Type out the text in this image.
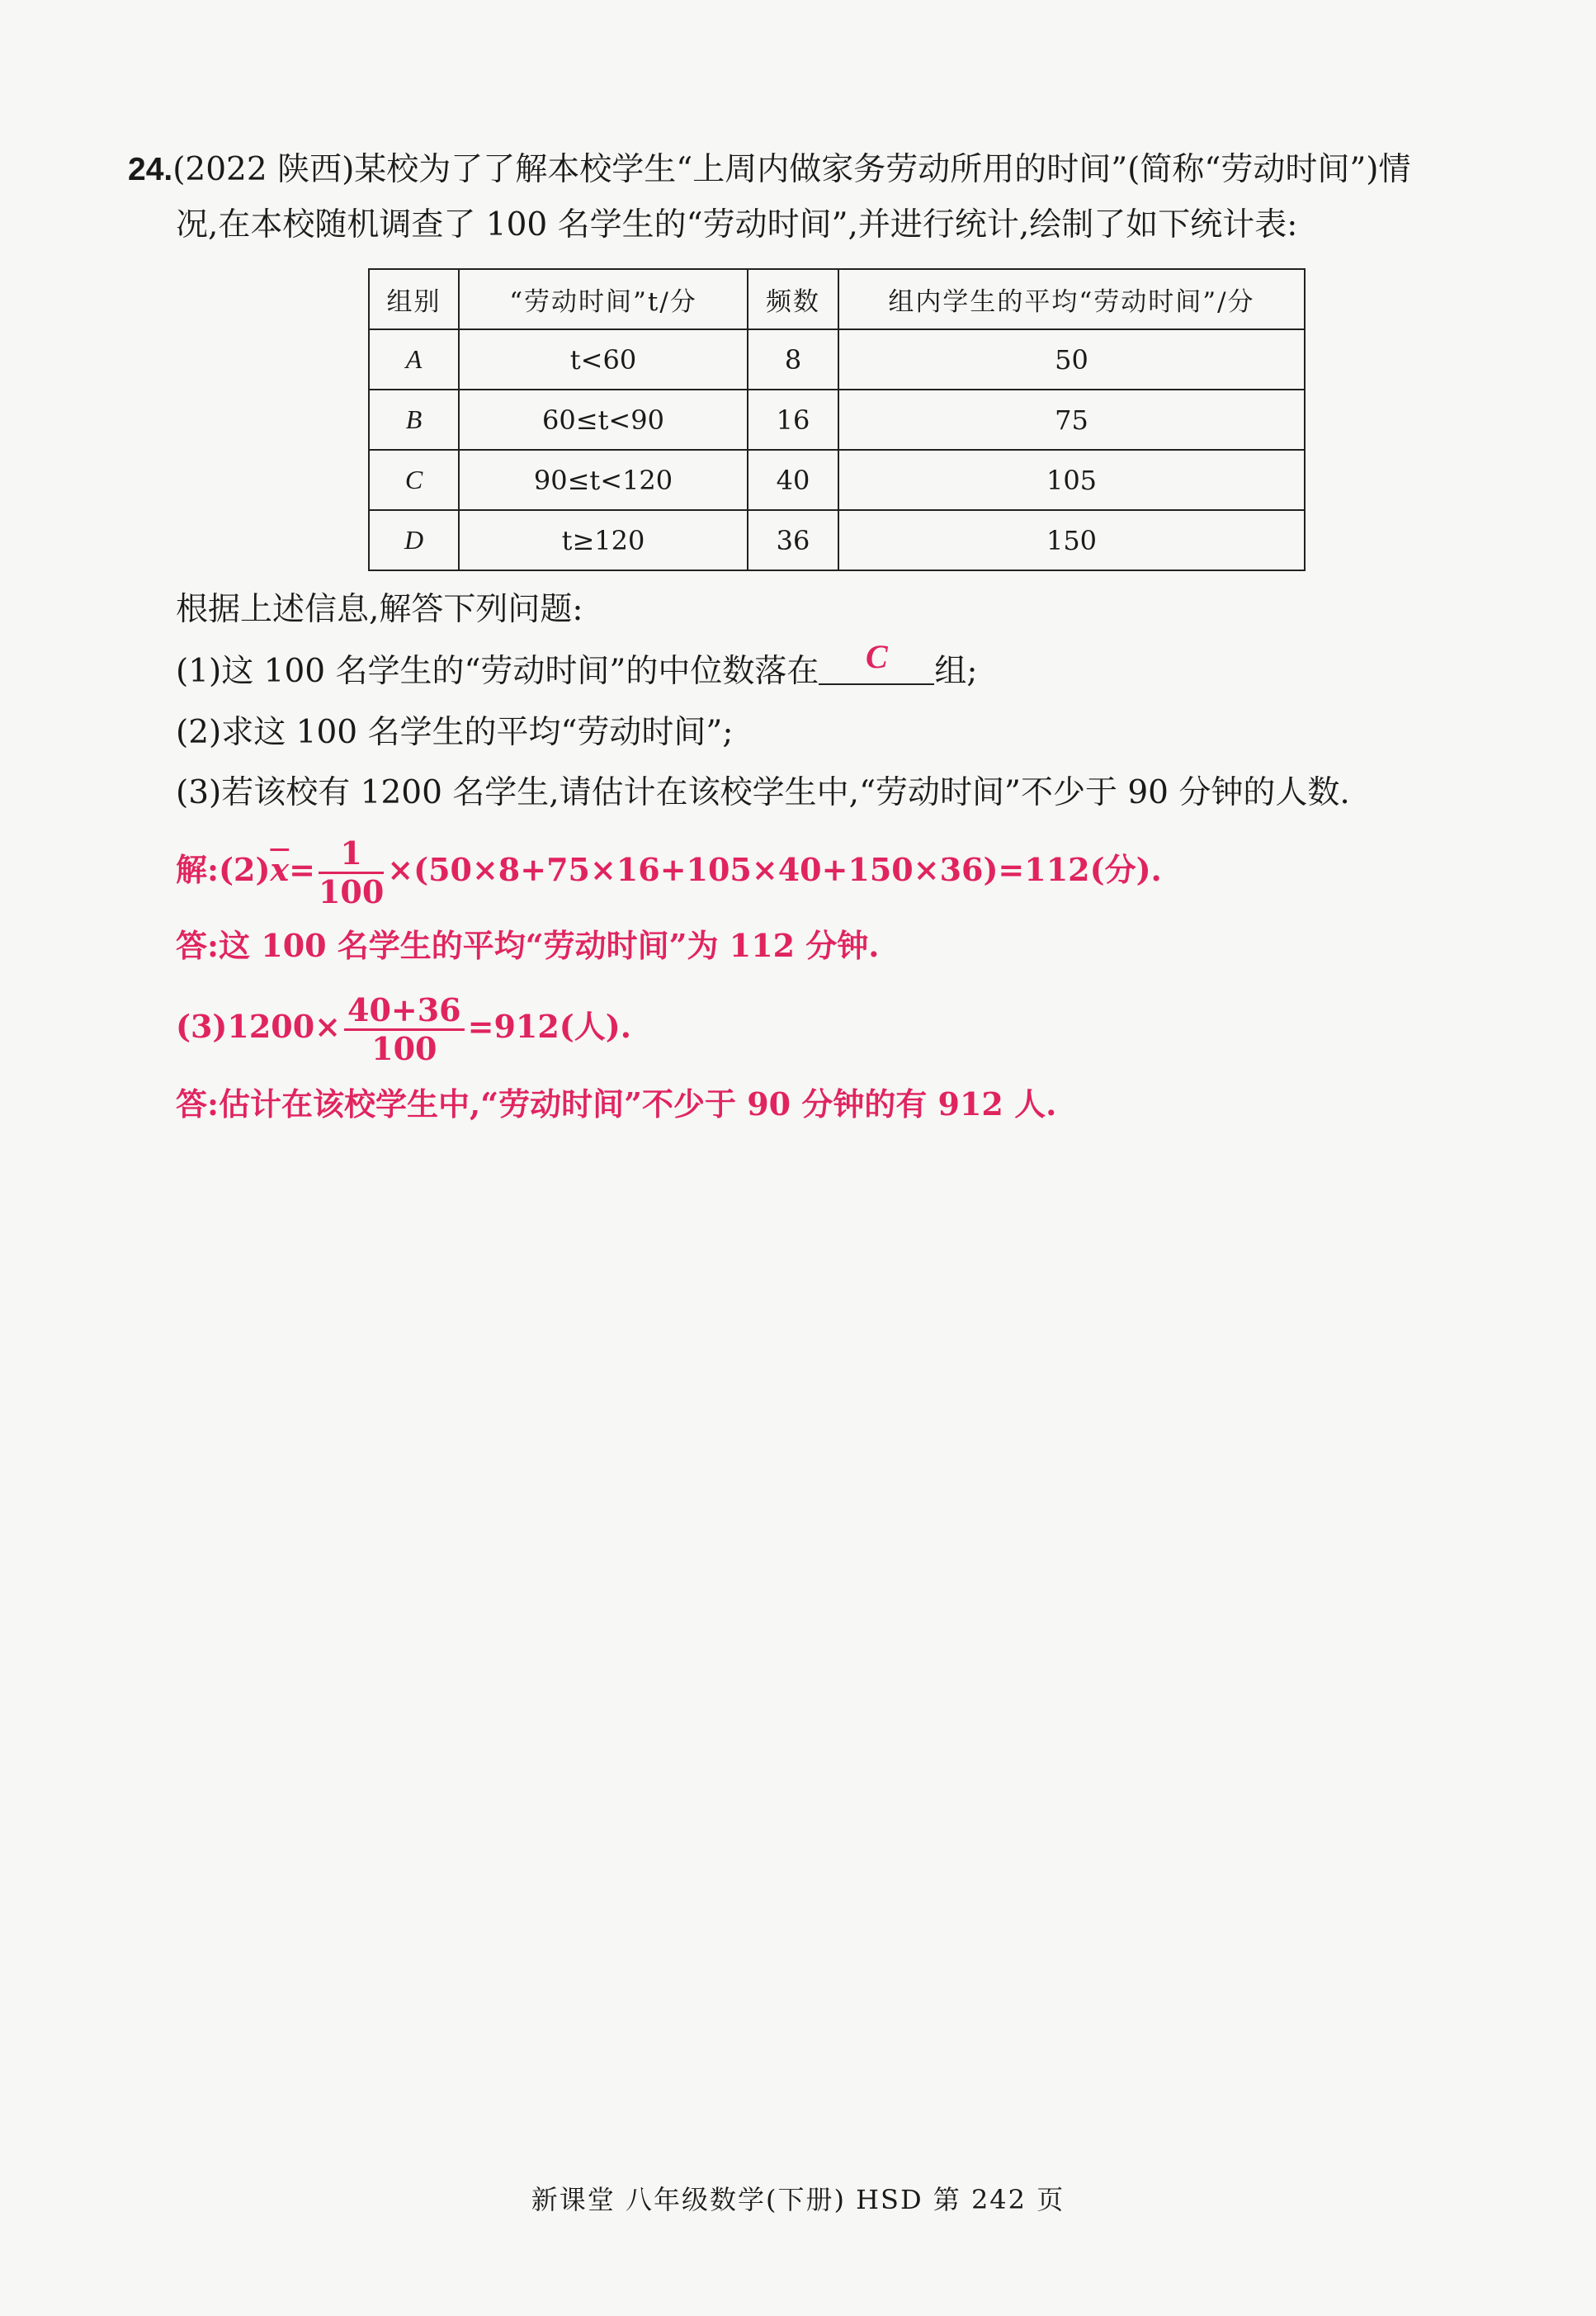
24.(2022 陕西)某校为了了解本校学生“上周内做家务劳动所用的时间”(简称“劳动时间”)情
况,在本校随机调查了 100 名学生的“劳动时间”,并进行统计,绘制了如下统计表:
组别	“劳动时间”t/分	频数	组内学生的平均“劳动时间”/分
A	t<60	8	50
B	60≤t<90	16	75
C	90≤t<120	40	105
D	t≥120	36	150
根据上述信息,解答下列问题:
(1)这 100 名学生的“劳动时间”的中位数落在	C	组;
(2)求这 100 名学生的平均“劳动时间”;
(3)若该校有 1200 名学生,请估计在该校学生中,“劳动时间”不少于 90 分钟的人数.
解$:(2)\overline{x}= \frac{1}{100} \times(50\times 8+75\times 16+105\times 40+150\times 36)=112$(分).
答:这 100 名学生的平均“劳动时间”为 112 分钟.
$(3)1200\times \frac{40+36}{100} =912$(人).
答:估计在该校学生中,“劳动时间”不少于 90 分钟的有 912 人.
新课堂 八年级数学(下册) HSD 第 242 页
